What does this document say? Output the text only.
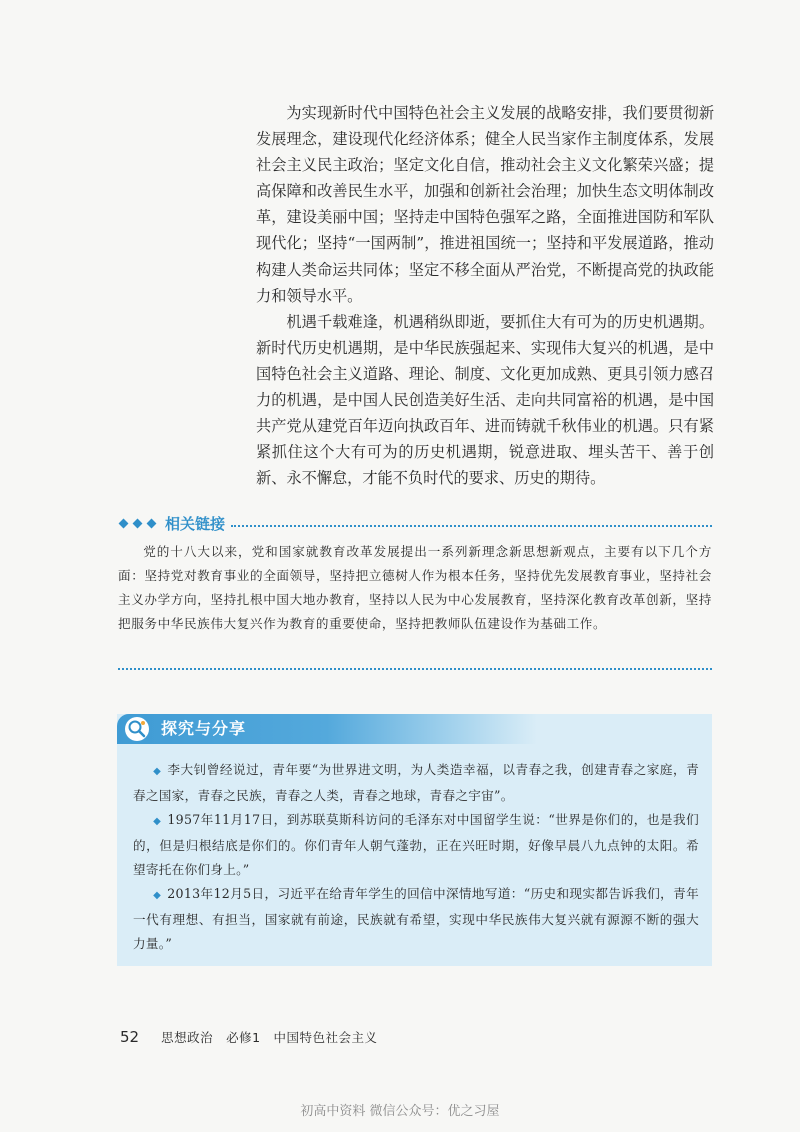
为实现新时代中国特色社会主义发展的战略安排，我们要贯彻新发展理念，建设现代化经济体系；健全人民当家作主制度体系，发展社会主义民主政治；坚定文化自信，推动社会主义文化繁荣兴盛；提高保障和改善民生水平，加强和创新社会治理；加快生态文明体制改革，建设美丽中国；坚持走中国特色强军之路，全面推进国防和军队现代化；坚持“一国两制”，推进祖国统一；坚持和平发展道路，推动构建人类命运共同体；坚定不移全面从严治党，不断提高党的执政能力和领导水平。

机遇千载难逢，机遇稍纵即逝，要抓住大有可为的历史机遇期。新时代历史机遇期，是中华民族强起来、实现伟大复兴的机遇，是中国特色社会主义道路、理论、制度、文化更加成熟、更具引领力感召力的机遇，是中国人民创造美好生活、走向共同富裕的机遇，是中国共产党从建党百年迈向执政百年、进而铸就千秋伟业的机遇。只有紧紧抓住这个大有可为的历史机遇期，锐意进取、埋头苦干、善于创新、永不懈怠，才能不负时代的要求、历史的期待。

相关链接

党的十八大以来，党和国家就教育改革发展提出一系列新理念新思想新观点，主要有以下几个方面：坚持党对教育事业的全面领导，坚持把立德树人作为根本任务，坚持优先发展教育事业，坚持社会主义办学方向，坚持扎根中国大地办教育，坚持以人民为中心发展教育，坚持深化教育改革创新，坚持把服务中华民族伟大复兴作为教育的重要使命，坚持把教师队伍建设作为基础工作。

探究与分享

◆ 李大钊曾经说过，青年要“为世界进文明，为人类造幸福，以青春之我，创建青春之家庭，青春之国家，青春之民族，青春之人类，青春之地球，青春之宇宙”。

◆ 1957年11月17日，到苏联莫斯科访问的毛泽东对中国留学生说：“世界是你们的，也是我们的，但是归根结底是你们的。你们青年人朝气蓬勃，正在兴旺时期，好像早晨八九点钟的太阳。希望寄托在你们身上。”

◆ 2013年12月5日，习近平在给青年学生的回信中深情地写道：“历史和现实都告诉我们，青年一代有理想、有担当，国家就有前途，民族就有希望，实现中华民族伟大复兴就有源源不断的强大力量。”

52 思想政治　必修1　中国特色社会主义
初高中资料 微信公众号：优之习屋
